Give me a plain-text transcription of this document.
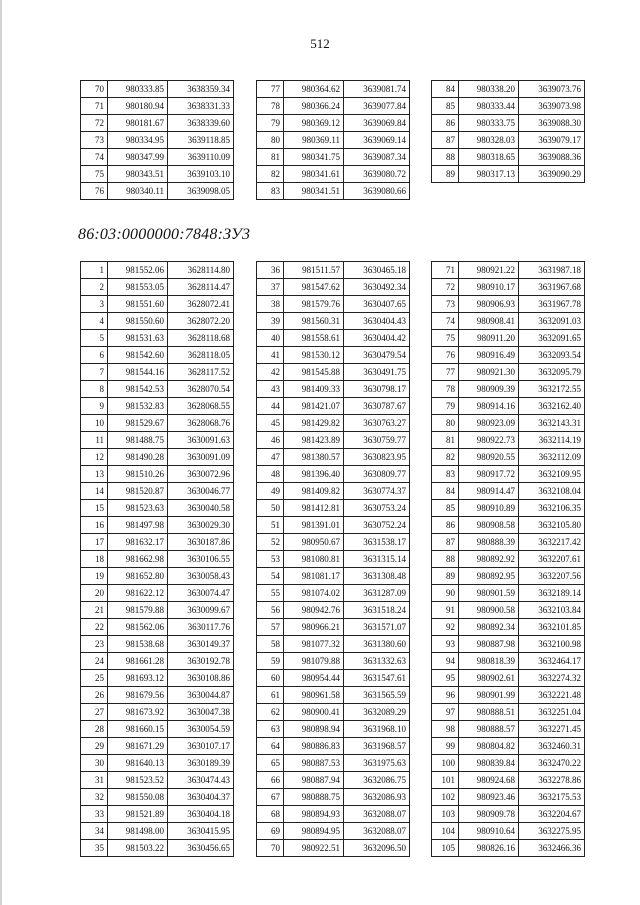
512
70	980333.85	3638359.34
71	980180.94	3638331.33
72	980181.67	3638339.60
73	980334.95	3639118.85
74	980347.99	3639110.09
75	980343.51	3639103.10
76	980340.11	3639098.05
77	980364.62	3639081.74
78	980366.24	3639077.84
79	980369.12	3639069.84
80	980369.11	3639069.14
81	980341.75	3639087.34
82	980341.61	3639080.72
83	980341.51	3639080.66
84	980338.20	3639073.76
85	980333.44	3639073.98
86	980333.75	3639088.30
87	980328.03	3639079.17
88	980318.65	3639088.36
89	980317.13	3639090.29

86:03:0000000:7848:ЗУ3
1	981552.06	3628114.80
2	981553.05	3628114.47
3	981551.60	3628072.41
4	981550.60	3628072.20
5	981531.63	3628118.68
6	981542.60	3628118.05
7	981544.16	3628117.52
8	981542.53	3628070.54
9	981532.83	3628068.55
10	981529.67	3628068.76
11	981488.75	3630091.63
12	981490.28	3630091.09
13	981510.26	3630072.96
14	981520.87	3630046.77
15	981523.63	3630040.58
16	981497.98	3630029.30
17	981632.17	3630187.86
18	981662.98	3630106.55
19	981652.80	3630058.43
20	981622.12	3630074.47
21	981579.88	3630099.67
22	981562.06	3630117.76
23	981538.68	3630149.37
24	981661.28	3630192.78
25	981693.12	3630108.86
26	981679.56	3630044.87
27	981673.92	3630047.38
28	981660.15	3630054.59
29	981671.29	3630107.17
30	981640.13	3630189.39
31	981523.52	3630474.43
32	981550.08	3630404.37
33	981521.89	3630404.18
34	981498.00	3630415.95
35	981503.22	3630456.65
36	981511.57	3630465.18
37	981547.62	3630492.34
38	981579.76	3630407.65
39	981560.31	3630404.43
40	981558.61	3630404.42
41	981530.12	3630479.54
42	981545.88	3630491.75
43	981409.33	3630798.17
44	981421.07	3630787.67
45	981429.82	3630763.27
46	981423.89	3630759.77
47	981380.57	3630823.95
48	981396.40	3630809.77
49	981409.82	3630774.37
50	981412.81	3630753.24
51	981391.01	3630752.24
52	980950.67	3631538.17
53	981080.81	3631315.14
54	981081.17	3631308.48
55	981074.02	3631287.09
56	980942.76	3631518.24
57	980966.21	3631571.07
58	981077.32	3631380.60
59	981079.88	3631332.63
60	980954.44	3631547.61
61	980961.58	3631565.59
62	980900.41	3632089.29
63	980898.94	3631968.10
64	980886.83	3631968.57
65	980887.53	3631975.63
66	980887.94	3632086.75
67	980888.75	3632086.93
68	980894.93	3632088.07
69	980894.95	3632088.07
70	980922.51	3632096.50
71	980921.22	3631987.18
72	980910.17	3631967.68
73	980906.93	3631967.78
74	980908.41	3632091.03
75	980911.20	3632091.65
76	980916.49	3632093.54
77	980921.30	3632095.79
78	980909.39	3632172.55
79	980914.16	3632162.40
80	980923.09	3632143.31
81	980922.73	3632114.19
82	980920.55	3632112.09
83	980917.72	3632109.95
84	980914.47	3632108.04
85	980910.89	3632106.35
86	980908.58	3632105.80
87	980888.39	3632217.42
88	980892.92	3632207.61
89	980892.95	3632207.56
90	980901.59	3632189.14
91	980900.58	3632103.84
92	980892.34	3632101.85
93	980887.98	3632100.98
94	980818.39	3632464.17
95	980902.61	3632274.32
96	980901.99	3632221.48
97	980888.51	3632251.04
98	980888.57	3632271.45
99	980804.82	3632460.31
100	980839.84	3632470.22
101	980924.68	3632278.86
102	980923.46	3632175.53
103	980909.78	3632204.67
104	980910.64	3632275.95
105	980826.16	3632466.36
